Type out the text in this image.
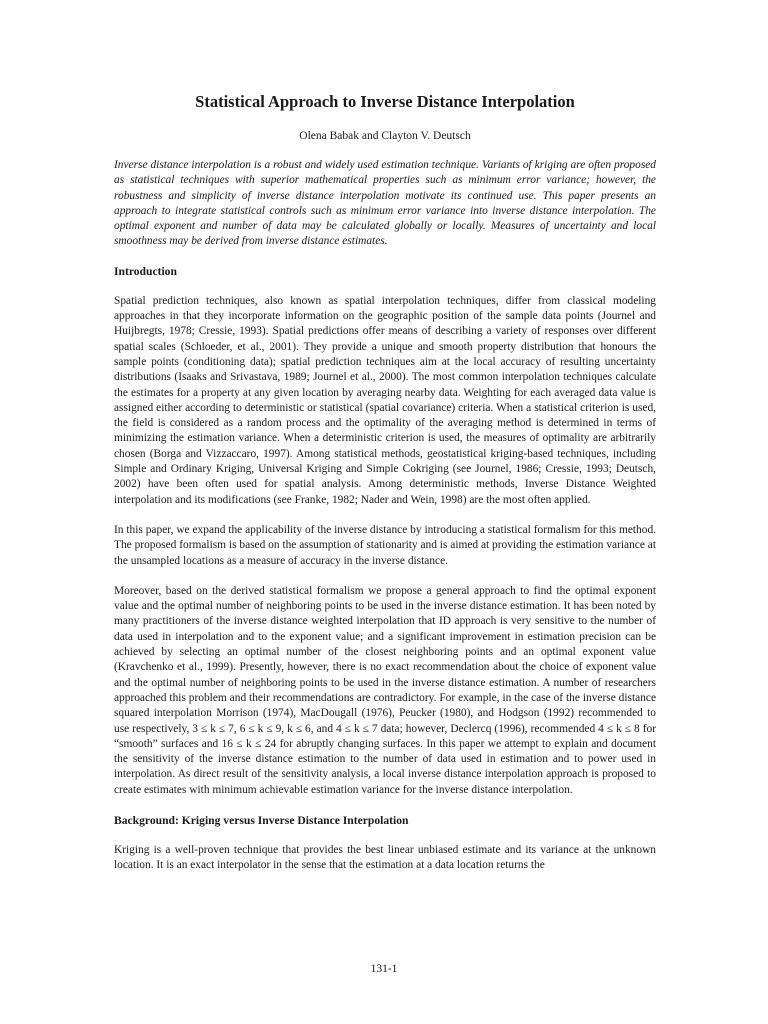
Statistical Approach to Inverse Distance Interpolation
Olena Babak and Clayton V. Deutsch

Inverse distance interpolation is a robust and widely used estimation technique. Variants of kriging are often proposed as statistical techniques with superior mathematical properties such as minimum error variance; however, the robustness and simplicity of inverse distance interpolation motivate its continued use. This paper presents an approach to integrate statistical controls such as minimum error variance into inverse distance interpolation. The optimal exponent and number of data may be calculated globally or locally. Measures of uncertainty and local smoothness may be derived from inverse distance estimates.

Introduction

Spatial prediction techniques, also known as spatial interpolation techniques, differ from classical modeling approaches in that they incorporate information on the geographic position of the sample data points (Journel and Huijbregts, 1978; Cressie, 1993). Spatial predictions offer means of describing a variety of responses over different spatial scales (Schloeder, et al., 2001). They provide a unique and smooth property distribution that honours the sample points (conditioning data); spatial prediction techniques aim at the local accuracy of resulting uncertainty distributions (Isaaks and Srivastava, 1989; Journel et al., 2000). The most common interpolation techniques calculate the estimates for a property at any given location by averaging nearby data. Weighting for each averaged data value is assigned either according to deterministic or statistical (spatial covariance) criteria. When a statistical criterion is used, the field is considered as a random process and the optimality of the averaging method is determined in terms of minimizing the estimation variance. When a deterministic criterion is used, the measures of optimality are arbitrarily chosen (Borga and Vizzaccaro, 1997). Among statistical methods, geostatistical kriging-based techniques, including Simple and Ordinary Kriging, Universal Kriging and Simple Cokriging (see Journel, 1986; Cressie, 1993; Deutsch, 2002) have been often used for spatial analysis. Among deterministic methods, Inverse Distance Weighted interpolation and its modifications (see Franke, 1982; Nader and Wein, 1998) are the most often applied.

In this paper, we expand the applicability of the inverse distance by introducing a statistical formalism for this method. The proposed formalism is based on the assumption of stationarity and is aimed at providing the estimation variance at the unsampled locations as a measure of accuracy in the inverse distance.

Moreover, based on the derived statistical formalism we propose a general approach to find the optimal exponent value and the optimal number of neighboring points to be used in the inverse distance estimation. It has been noted by many practitioners of the inverse distance weighted interpolation that ID approach is very sensitive to the number of data used in interpolation and to the exponent value; and a significant improvement in estimation precision can be achieved by selecting an optimal number of the closest neighboring points and an optimal exponent value (Kravchenko et al., 1999). Presently, however, there is no exact recommendation about the choice of exponent value and the optimal number of neighboring points to be used in the inverse distance estimation. A number of researchers approached this problem and their recommendations are contradictory. For example, in the case of the inverse distance squared interpolation Morrison (1974), MacDougall (1976), Peucker (1980), and Hodgson (1992) recommended to use respectively, 3 ≤ k ≤ 7, 6 ≤ k ≤ 9, k ≤ 6, and 4 ≤ k ≤ 7 data; however, Declercq (1996), recommended 4 ≤ k ≤ 8 for “smooth” surfaces and 16 ≤ k ≤ 24 for abruptly changing surfaces. In this paper we attempt to explain and document the sensitivity of the inverse distance estimation to the number of data used in estimation and to power used in interpolation. As direct result of the sensitivity analysis, a local inverse distance interpolation approach is proposed to create estimates with minimum achievable estimation variance for the inverse distance interpolation.

Background: Kriging versus Inverse Distance Interpolation

Kriging is a well-proven technique that provides the best linear unbiased estimate and its variance at the unknown location. It is an exact interpolator in the sense that the estimation at a data location returns the

131-1
